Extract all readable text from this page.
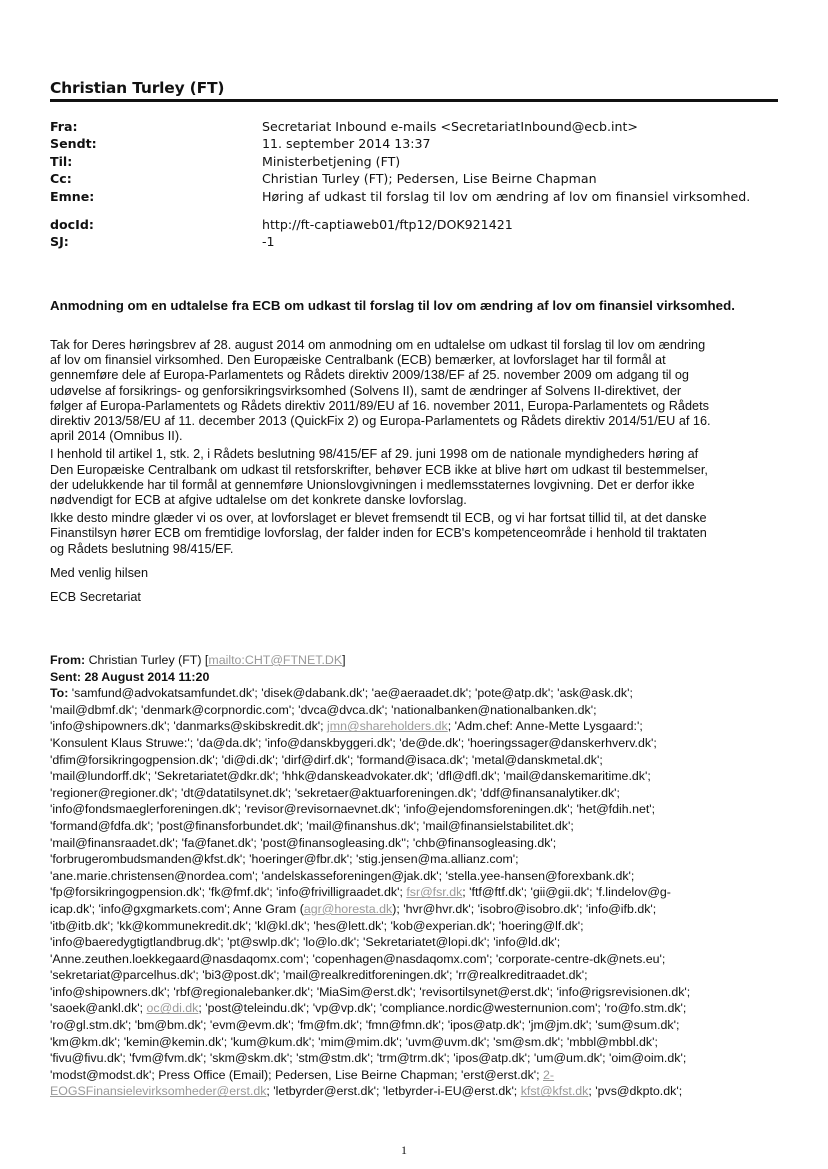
Christian Turley (FT)
Fra:	Secretariat Inbound e-mails <SecretariatInbound@ecb.int>
Sendt:	11. september 2014 13:37
Til:	Ministerbetjening (FT)
Cc:	Christian Turley (FT); Pedersen, Lise Beirne Chapman
Emne:	Høring af udkast til forslag til lov om ændring af lov om finansiel virksomhed.
docId:	http://ft-captiaweb01/ftp12/DOK921421
SJ:	-1
Anmodning om en udtalelse fra ECB om udkast til forslag til lov om ændring af lov om finansiel virksomhed.
Tak for Deres høringsbrev af 28. august 2014 om anmodning om en udtalelse om udkast til forslag til lov om ændring
af lov om finansiel virksomhed. Den Europæiske Centralbank (ECB) bemærker, at lovforslaget har til formål at
gennemføre dele af Europa-Parlamentets og Rådets direktiv 2009/138/EF af 25. november 2009 om adgang til og
udøvelse af forsikrings- og genforsikringsvirksomhed (Solvens II), samt de ændringer af Solvens II-direktivet, der
følger af Europa-Parlamentets og Rådets direktiv 2011/89/EU af 16. november 2011, Europa-Parlamentets og Rådets
direktiv 2013/58/EU af 11. december 2013 (QuickFix 2) og Europa-Parlamentets og Rådets direktiv 2014/51/EU af 16.
april 2014 (Omnibus II).
I henhold til artikel 1, stk. 2, i Rådets beslutning 98/415/EF af 29. juni 1998 om de nationale myndigheders høring af
Den Europæiske Centralbank om udkast til retsforskrifter, behøver ECB ikke at blive hørt om udkast til bestemmelser,
der udelukkende har til formål at gennemføre Unionslovgivningen i medlemsstaternes lovgivning. Det er derfor ikke
nødvendigt for ECB at afgive udtalelse om det konkrete danske lovforslag.
Ikke desto mindre glæder vi os over, at lovforslaget er blevet fremsendt til ECB, og vi har fortsat tillid til, at det danske
Finanstilsyn hører ECB om fremtidige lovforslag, der falder inden for ECB's kompetenceområde i henhold til traktaten
og Rådets beslutning 98/415/EF.
Med venlig hilsen
ECB Secretariat
From: Christian Turley (FT) [mailto:CHT@FTNET.DK]
Sent: 28 August 2014 11:20
To: 'samfund@advokatsamfundet.dk'; 'disek@dabank.dk'; 'ae@aeraadet.dk'; 'pote@atp.dk'; 'ask@ask.dk';
'mail@dbmf.dk'; 'denmark@corpnordic.com'; 'dvca@dvca.dk'; 'nationalbanken@nationalbanken.dk';
'info@shipowners.dk'; 'danmarks@skibskredit.dk'; jmn@shareholders.dk; 'Adm.chef: Anne-Mette Lysgaard:';
'Konsulent Klaus Struwe:'; 'da@da.dk'; 'info@danskbyggeri.dk'; 'de@de.dk'; 'hoeringssager@danskerhverv.dk';
'dfim@forsikringogpension.dk'; 'di@di.dk'; 'dirf@dirf.dk'; 'formand@isaca.dk'; 'metal@danskmetal.dk';
'mail@lundorff.dk'; 'Sekretariatet@dkr.dk'; 'hhk@danskeadvokater.dk'; 'dfl@dfl.dk'; 'mail@danskemaritime.dk';
'regioner@regioner.dk'; 'dt@datatilsynet.dk'; 'sekretaer@aktuarforeningen.dk'; 'ddf@finansanalytiker.dk';
'info@fondsmaeglerforeningen.dk'; 'revisor@revisornaevnet.dk'; 'info@ejendomsforeningen.dk'; 'het@fdih.net';
'formand@fdfa.dk'; 'post@finansforbundet.dk'; 'mail@finanshus.dk'; 'mail@finansielstabilitet.dk';
'mail@finansraadet.dk'; 'fa@fanet.dk'; 'post@finansogleasing.dk''; 'chb@finansogleasing.dk';
'forbrugerombudsmanden@kfst.dk'; 'hoeringer@fbr.dk'; 'stig.jensen@ma.allianz.com';
'ane.marie.christensen@nordea.com'; 'andelskasseforeningen@jak.dk'; 'stella.yee-hansen@forexbank.dk';
'fp@forsikringogpension.dk'; 'fk@fmf.dk'; 'info@frivilligraadet.dk'; fsr@fsr.dk; 'ftf@ftf.dk'; 'gii@gii.dk'; 'f.lindelov@g-
icap.dk'; 'info@gxgmarkets.com'; Anne Gram (agr@horesta.dk); 'hvr@hvr.dk'; 'isobro@isobro.dk'; 'info@ifb.dk';
'itb@itb.dk'; 'kk@kommunekredit.dk'; 'kl@kl.dk'; 'hes@lett.dk'; 'kob@experian.dk'; 'hoering@lf.dk';
'info@baeredygtigtlandbrug.dk'; 'pt@swlp.dk'; 'lo@lo.dk'; 'Sekretariatet@lopi.dk'; 'info@ld.dk';
'Anne.zeuthen.loekkegaard@nasdaqomx.com'; 'copenhagen@nasdaqomx.com'; 'corporate-centre-dk@nets.eu';
'sekretariat@parcelhus.dk'; 'bi3@post.dk'; 'mail@realkreditforeningen.dk'; 'rr@realkreditraadet.dk';
'info@shipowners.dk'; 'rbf@regionalebanker.dk'; 'MiaSim@erst.dk'; 'revisortilsynet@erst.dk'; 'info@rigsrevisionen.dk';
'saoek@ankl.dk'; oc@di.dk; 'post@teleindu.dk'; 'vp@vp.dk'; 'compliance.nordic@westernunion.com'; 'ro@fo.stm.dk';
'ro@gl.stm.dk'; 'bm@bm.dk'; 'evm@evm.dk'; 'fm@fm.dk'; 'fmn@fmn.dk'; 'ipos@atp.dk'; 'jm@jm.dk'; 'sum@sum.dk';
'km@km.dk'; 'kemin@kemin.dk'; 'kum@kum.dk'; 'mim@mim.dk'; 'uvm@uvm.dk'; 'sm@sm.dk'; 'mbbl@mbbl.dk';
'fivu@fivu.dk'; 'fvm@fvm.dk'; 'skm@skm.dk'; 'stm@stm.dk'; 'trm@trm.dk'; 'ipos@atp.dk'; 'um@um.dk'; 'oim@oim.dk';
'modst@modst.dk'; Press Office (Email); Pedersen, Lise Beirne Chapman; 'erst@erst.dk'; 2-
EOGSFinansielevirksomheder@erst.dk; 'letbyrder@erst.dk'; 'letbyrder-i-EU@erst.dk'; kfst@kfst.dk; 'pvs@dkpto.dk';
1
